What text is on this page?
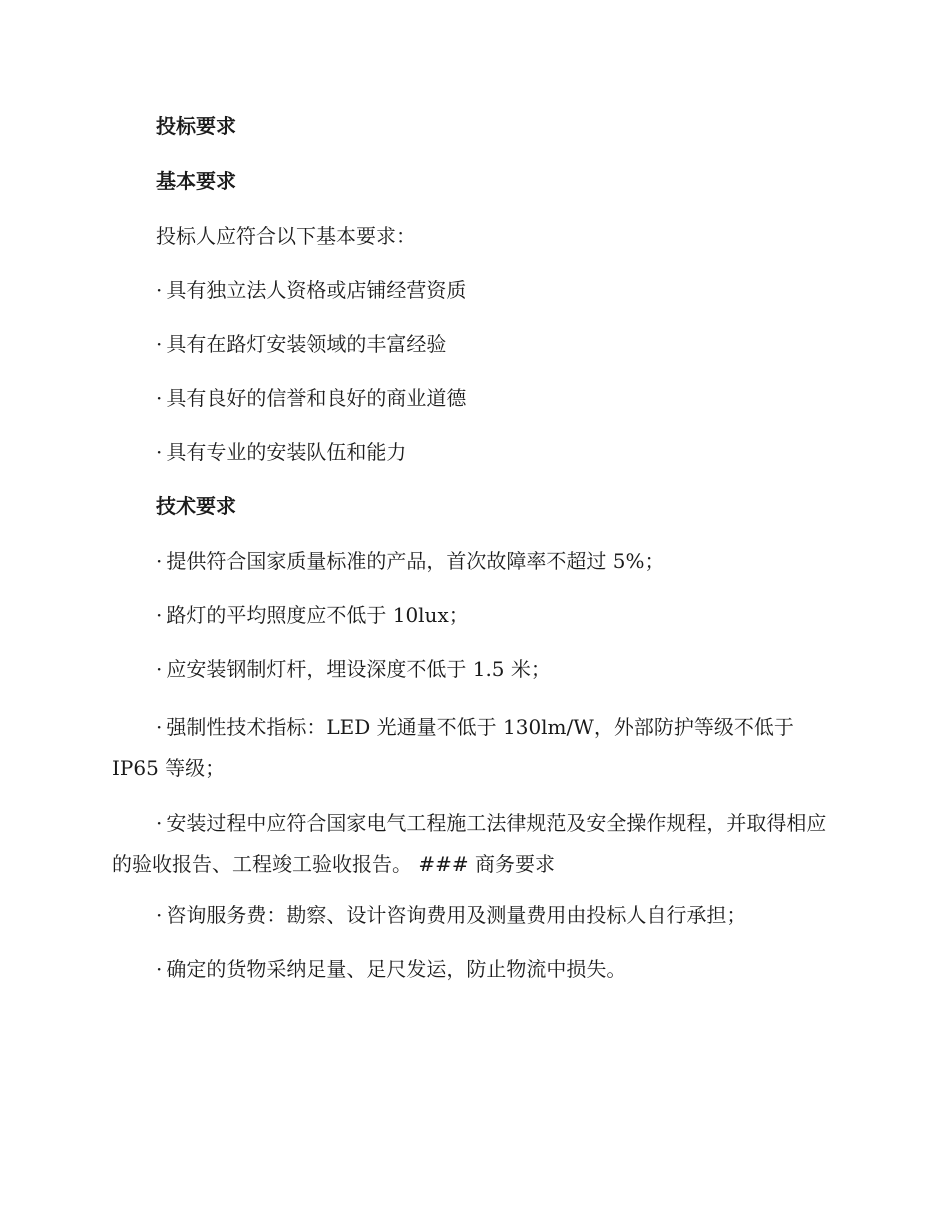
投标要求
基本要求
投标人应符合以下基本要求：
· 具有独立法人资格或店铺经营资质
· 具有在路灯安装领域的丰富经验
· 具有良好的信誉和良好的商业道德
· 具有专业的安装队伍和能力
技术要求
· 提供符合国家质量标准的产品，首次故障率不超过 5%；
· 路灯的平均照度应不低于 10lux；
· 应安装钢制灯杆，埋设深度不低于 1.5 米；
· 强制性技术指标：LED 光通量不低于 130lm/W，外部防护等级不低于 IP65 等级；
· 安装过程中应符合国家电气工程施工法律规范及安全操作规程，并取得相应的验收报告、工程竣工验收报告。 ### 商务要求
· 咨询服务费：勘察、设计咨询费用及测量费用由投标人自行承担；
· 确定的货物采纳足量、足尺发运，防止物流中损失。
